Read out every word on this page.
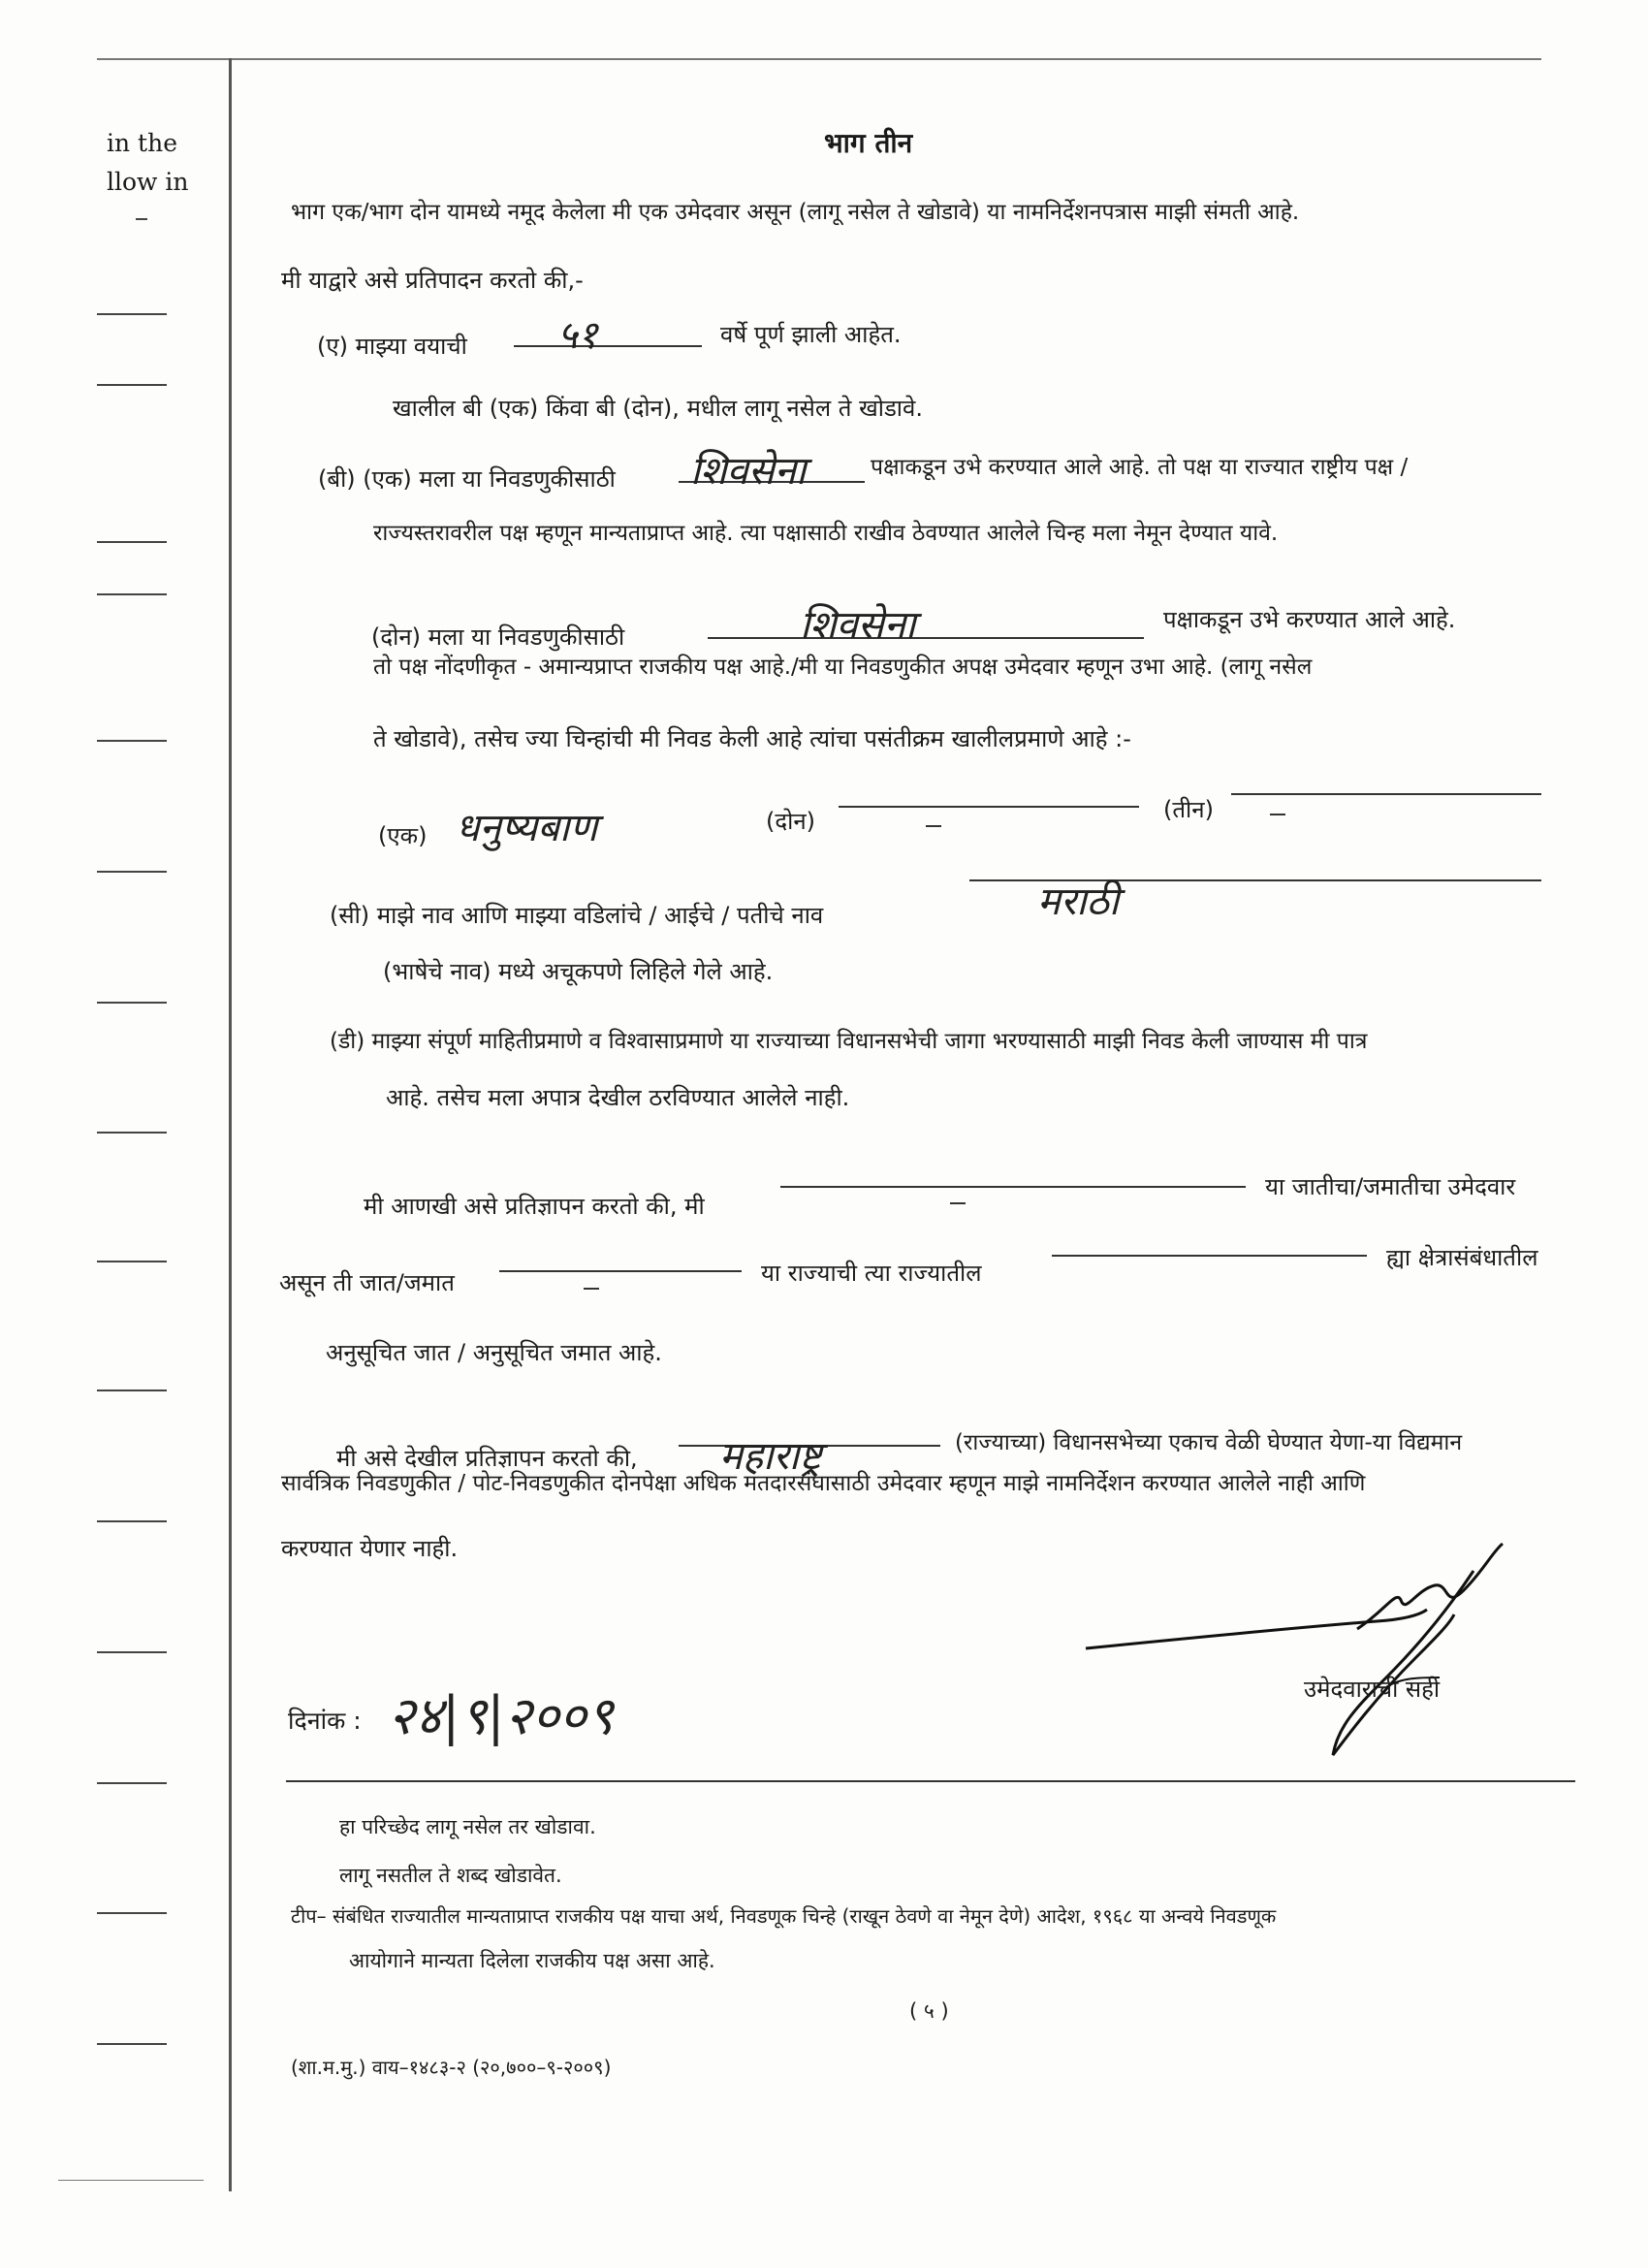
in the
llow in
भाग तीन
भाग एक/भाग दोन यामध्ये नमूद केलेला मी एक उमेदवार असून (लागू नसेल ते खोडावे) या नामनिर्देशनपत्रास माझी संमती आहे.
मी याद्वारे असे प्रतिपादन करतो की,-
(ए) माझ्या वयाची ५१	वर्षे पूर्ण झाली आहेत.
खालील बी (एक) किंवा बी (दोन), मधील लागू नसेल ते खोडावे.
(बी) (एक) मला या निवडणुकीसाठी शिवसेना	पक्षाकडून उभे करण्यात आले आहे. तो पक्ष या राज्यात राष्ट्रीय पक्ष /
राज्यस्तरावरील पक्ष म्हणून मान्यताप्राप्त आहे. त्या पक्षासाठी राखीव ठेवण्यात आलेले चिन्ह मला नेमून देण्यात यावे.
(दोन) मला या निवडणुकीसाठी	शिवसेना	पक्षाकडून उभे करण्यात आले आहे.
तो पक्ष नोंदणीकृत - अमान्यप्राप्त राजकीय पक्ष आहे./मी या निवडणुकीत अपक्ष उमेदवार म्हणून उभा आहे. (लागू नसेल
ते खोडावे), तसेच ज्या चिन्हांची मी निवड केली आहे त्यांचा पसंतीक्रम खालीलप्रमाणे आहे :-
(एक) धनुष्यबाण	(दोन)	(तीन)
(सी) माझे नाव आणि माझ्या वडिलांचे / आईचे / पतीचे नाव	मराठी
(भाषेचे नाव) मध्ये अचूकपणे लिहिले गेले आहे.
(डी) माझ्या संपूर्ण माहितीप्रमाणे व विश्वासाप्रमाणे या राज्याच्या विधानसभेची जागा भरण्यासाठी माझी निवड केली जाण्यास मी पात्र
आहे. तसेच मला अपात्र देखील ठरविण्यात आलेले नाही.
मी आणखी असे प्रतिज्ञापन करतो की, मी
या जातीचा/जमातीचा उमेदवार
असून ती जात/जमात	या राज्याची त्या राज्यातील
ह्या क्षेत्रासंबंधातील
अनुसूचित जात / अनुसूचित जमात आहे.
मी असे देखील प्रतिज्ञापन करतो की, महाराष्ट्र	(राज्याच्या) विधानसभेच्या एकाच वेळी घेण्यात येणा-या विद्यमान
सार्वत्रिक निवडणुकीत / पोट-निवडणुकीत दोनपेक्षा अधिक मतदारसंघासाठी उमेदवार म्हणून माझे नामनिर्देशन करण्यात आलेले नाही आणि
करण्यात येणार नाही.
दिनांक : २४|९|२००९	उमेदवाराची सही
हा परिच्छेद लागू नसेल तर खोडावा.
लागू नसतील ते शब्द खोडावेत.
टीप– संबंधित राज्यातील मान्यताप्राप्त राजकीय पक्ष याचा अर्थ, निवडणूक चिन्हे (राखून ठेवणे वा नेमून देणे) आदेश, १९६८ या अन्वये निवडणूक
आयोगाने मान्यता दिलेला राजकीय पक्ष असा आहे.
( ५ )
(शा.म.मु.) वाय–१४८३-२ (२०,७००–९-२००९)
